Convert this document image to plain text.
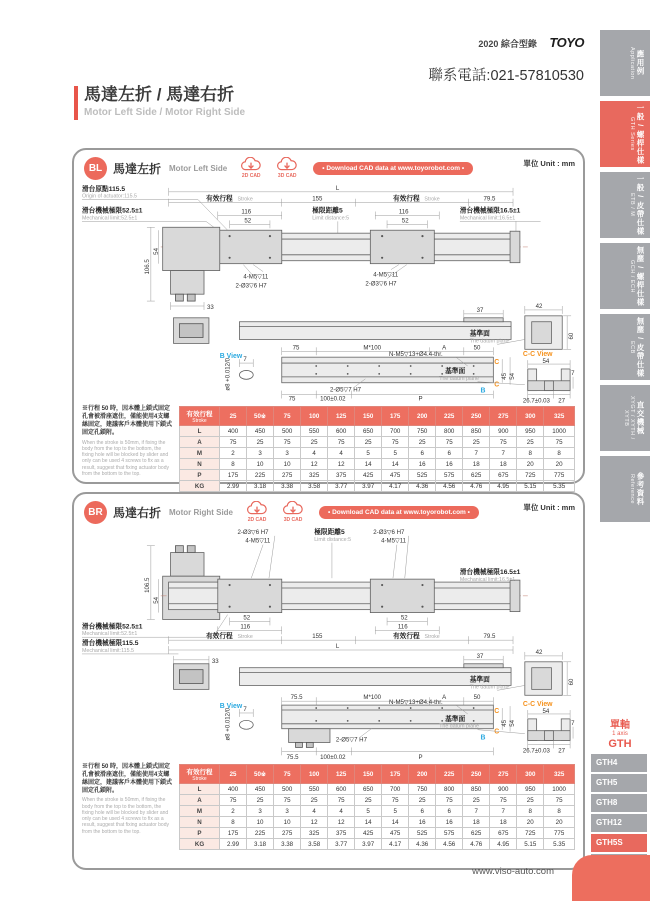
2020 綜合型錄 TOYO
聯系電話:021-57810530
應用例
Application
一般 / 螺桿仕樣
GTH Series
一般 / 皮帶仕樣
ETB / M
無塵 / 螺桿仕樣
GCH / ECH
無塵 / 皮帶仕樣
ECB
直交機械
XYGT / XYTH / XYTB
參考資料
Reference
馬達左折 / 馬達右折
Motor Left Side / Motor Right Side
BL 馬達左折 Motor Left Side
2D CAD	3D CAD
• Download CAD data at www.toyorobot.com •	單位 Unit : mm
L
有效行程 Stroke	155	有效行程 Stroke	79.5
滑台原點115.5
Origin of actuator:115.5
滑台機械極限52.5±1
Mechanical limit:52.5±1
116
52
極限距離5
Limit distance:5
116
52
滑台機械極限16.5±1
Mechanical limit:16.5±1
106.5
54
4-M5▽11
2-Ø3▽6 H7
4-M5▽11
2-Ø3▽6 H7
33	37
42
60
基準面
The datum plane
75	M*100	A	50
B View 7
ø8 +0.012/0
N-M5▽13+Ø4.4-thr.
2-Ø5▽7 H7
75	100±0.02	P
C
C
B
45 54
基準面
The datum plane
C-C View
54
7
26.7±0.03 27
※行程 50 時，因本體上鎖式固定孔會被滑座遮住，僅能使用4支螺絲固定，建議客戶本體使用下鎖式固定孔鎖附。
When the stroke is 50mm, if fixing the body from the top to the bottom, the fixing hole will be blocked by slider and only can be used 4 screws to fix as a result, suggest that fixing actuator body from the bottom to the top.
有效行程
Stroke	25	50※	75	100	125	150	175	200	225	250	275	300	325
L	400	450	500	550	600	650	700	750	800	850	900	950	1000
A	75	25	75	25	75	25	75	25	75	25	75	25	75
M	2	3	3	4	4	5	5	6	6	7	7	8	8
N	8	10	10	12	12	14	14	16	16	18	18	20	20
P	175	225	275	325	375	425	475	525	575	625	675	725	775
KG	2.99	3.18	3.38	3.58	3.77	3.97	4.17	4.36	4.56	4.76	4.95	5.15	5.35
BR 馬達右折 Motor Right Side
2D CAD	3D CAD
• Download CAD data at www.toyorobot.com •	單位 Unit : mm
2-Ø3▽6 H7
4-M5▽11
極限距離5
Limit distance:5
2-Ø3▽6 H7
4-M5▽11
106.5
54
滑台機械極限16.5±1
Mechanical limit:16.5±1
滑台機械極限52.5±1
Mechanical limit:52.5±1
滑台機械極限115.5
Mechanical limit:115.5
52
116
52
116
有效行程 Stroke	155	有效行程 Stroke	79.5
L
33
37
42
60
基準面
The datum plane
75.5	M*100	A	50
B View 7
ø8 +0.012/0
N-M5▽13+Ø4.4-thr.
2-Ø5▽7 H7
75.5	100±0.02	P
C
C
B
45 54
基準面
The datum plane
C-C View
54
7
26.7±0.03 27
※行程 50 時，因本體上鎖式固定孔會被滑座遮住，僅能使用4支螺絲固定，建議客戶本體使用下鎖式固定孔鎖附。
When the stroke is 50mm, if fixing the body from the top to the bottom, the fixing hole will be blocked by slider and only can be used 4 screws to fix as a result, suggest that fixing actuator body from the bottom to the top.
有效行程
Stroke	25	50※	75	100	125	150	175	200	225	250	275	300	325
L	400	450	500	550	600	650	700	750	800	850	900	950	1000
A	75	25	75	25	75	25	75	25	75	25	75	25	75
M	2	3	3	4	4	5	5	6	6	7	7	8	8
N	8	10	10	12	12	14	14	16	16	18	18	20	20
P	175	225	275	325	375	425	475	525	575	625	675	725	775
KG	2.99	3.18	3.38	3.58	3.77	3.97	4.17	4.36	4.56	4.76	4.95	5.15	5.35
單軸
1 axis
GTH
GTH4
GTH5
GTH8
GTH12
GTH5S
www.viso-auto.com
